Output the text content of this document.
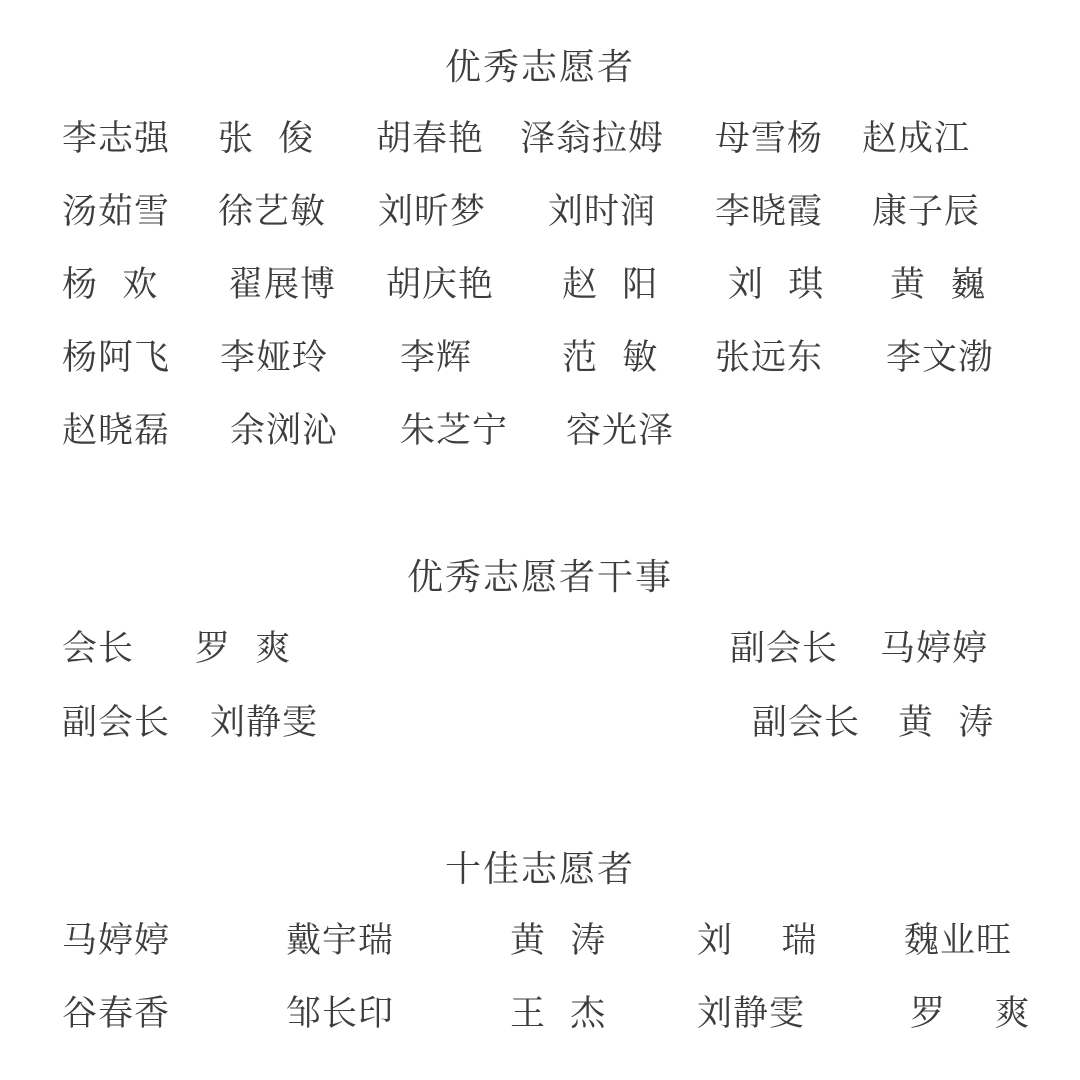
优秀志愿者
李志强 张  俊 胡春艳 泽翁拉姆 母雪杨 赵成江
汤茹雪 徐艺敏 刘昕梦 刘时润 李晓霞 康子辰
杨  欢 翟展博 胡庆艳 赵  阳 刘  琪 黄  巍
杨阿飞 李娅玲 李辉	范  敏 张远东 李文渤
赵晓磊 余浏沁 朱芝宁 容光泽
优秀志愿者干事
会长 罗  爽	副会长 马婷婷
副会长 刘静雯	副会长 黄  涛
十佳志愿者
马婷婷	戴宇瑞	黄  涛	刘    瑞 魏业旺
谷春香	邹长印	王  杰	刘静雯	罗    爽
